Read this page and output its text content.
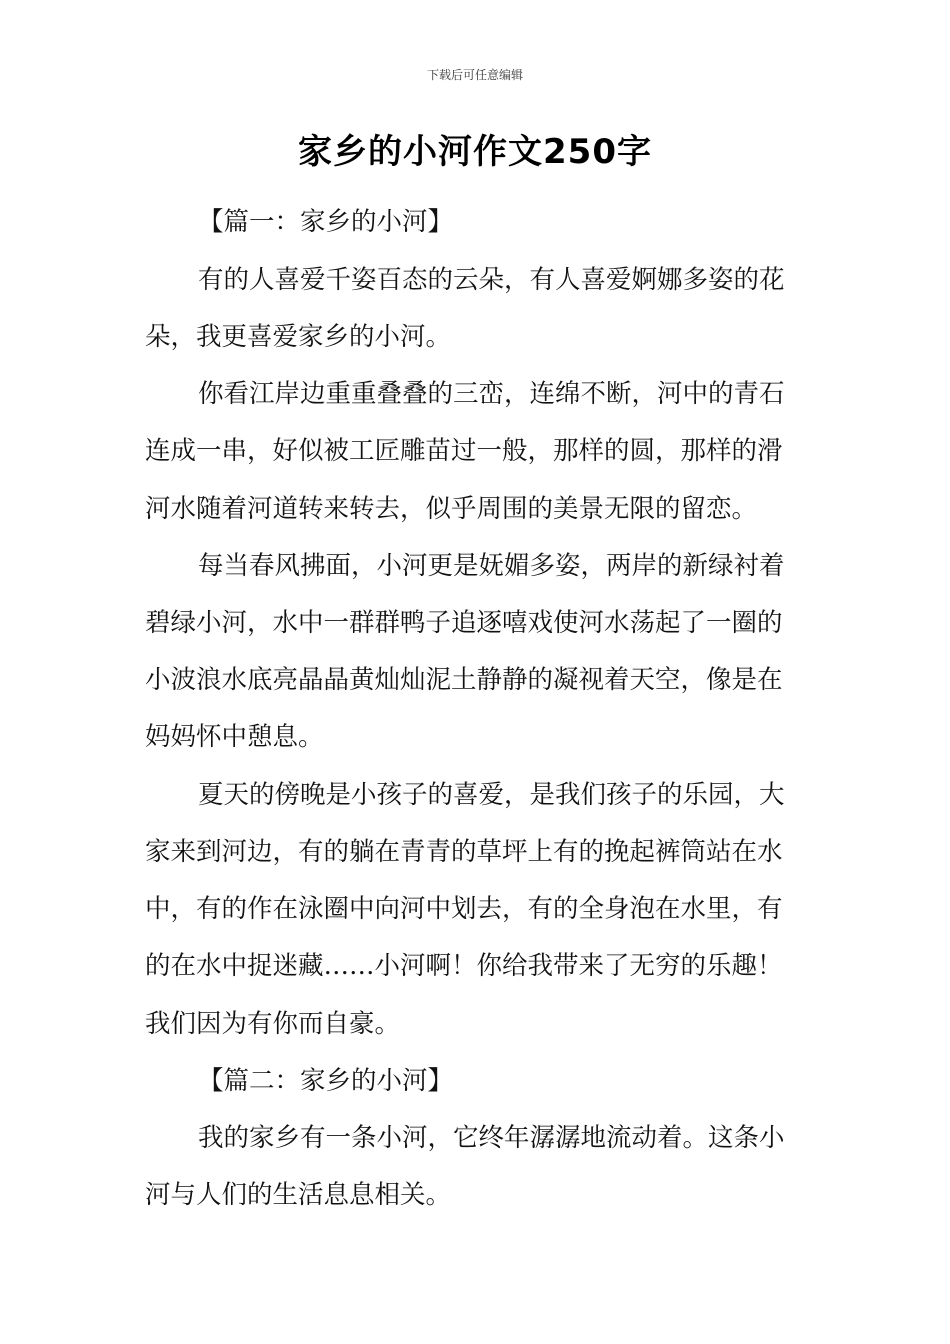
下载后可任意编辑
家乡的小河作文250字
【篇一：家乡的小河】
有的人喜爱千姿百态的云朵，有人喜爱婀娜多姿的花
朵，我更喜爱家乡的小河。
你看江岸边重重叠叠的三峦，连绵不断，河中的青石
连成一串，好似被工匠雕苗过一般，那样的圆，那样的滑
河水随着河道转来转去，似乎周围的美景无限的留恋。
每当春风拂面，小河更是妩媚多姿，两岸的新绿衬着
碧绿小河，水中一群群鸭子追逐嘻戏使河水荡起了一圈的
小波浪水底亮晶晶黄灿灿泥土静静的凝视着天空，像是在
妈妈怀中憩息。
夏天的傍晚是小孩子的喜爱，是我们孩子的乐园，大
家来到河边，有的躺在青青的草坪上有的挽起裤筒站在水
中，有的作在泳圈中向河中划去，有的全身泡在水里，有
的在水中捉迷藏……小河啊！你给我带来了无穷的乐趣！
我们因为有你而自豪。
【篇二：家乡的小河】
我的家乡有一条小河，它终年潺潺地流动着。这条小
河与人们的生活息息相关。
